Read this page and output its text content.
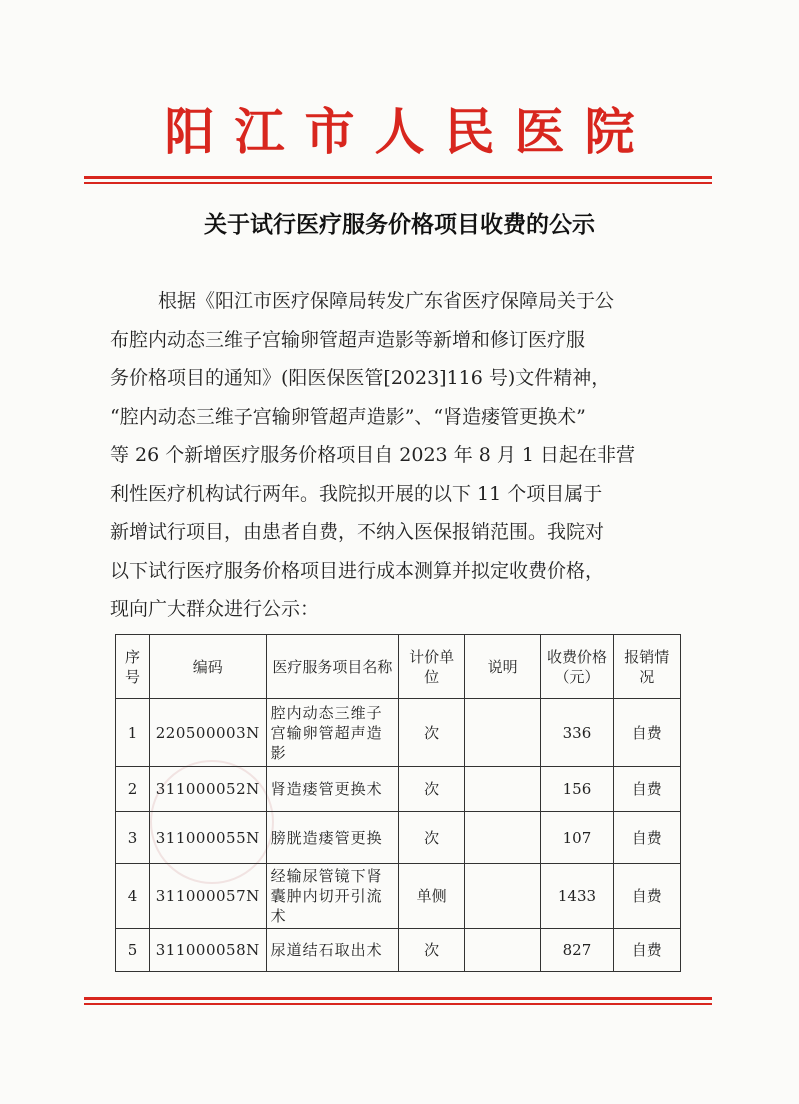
阳江市人民医院
关于试行医疗服务价格项目收费的公示
根据《阳江市医疗保障局转发广东省医疗保障局关于公
布腔内动态三维子宫输卵管超声造影等新增和修订医疗服
务价格项目的通知》(阳医保医管[2023]116 号)文件精神，
“腔内动态三维子宫输卵管超声造影”、“肾造瘘管更换术”
等 26 个新增医疗服务价格项目自 2023 年 8 月 1 日起在非营
利性医疗机构试行两年。我院拟开展的以下 11 个项目属于
新增试行项目，由患者自费，不纳入医保报销范围。我院对
以下试行医疗服务价格项目进行成本测算并拟定收费价格，
现向广大群众进行公示：
序号	编码	医疗服务项目名称	计价单位	说明	收费价格（元）	报销情况
1	220500003N	腔内动态三维子宫输卵管超声造影	次		336	自费
2	311000052N	肾造瘘管更换术	次		156	自费
3	311000055N	膀胱造瘘管更换	次		107	自费
4	311000057N	经输尿管镜下肾囊肿内切开引流术	单侧		1433	自费
5	311000058N	尿道结石取出术	次		827	自费
